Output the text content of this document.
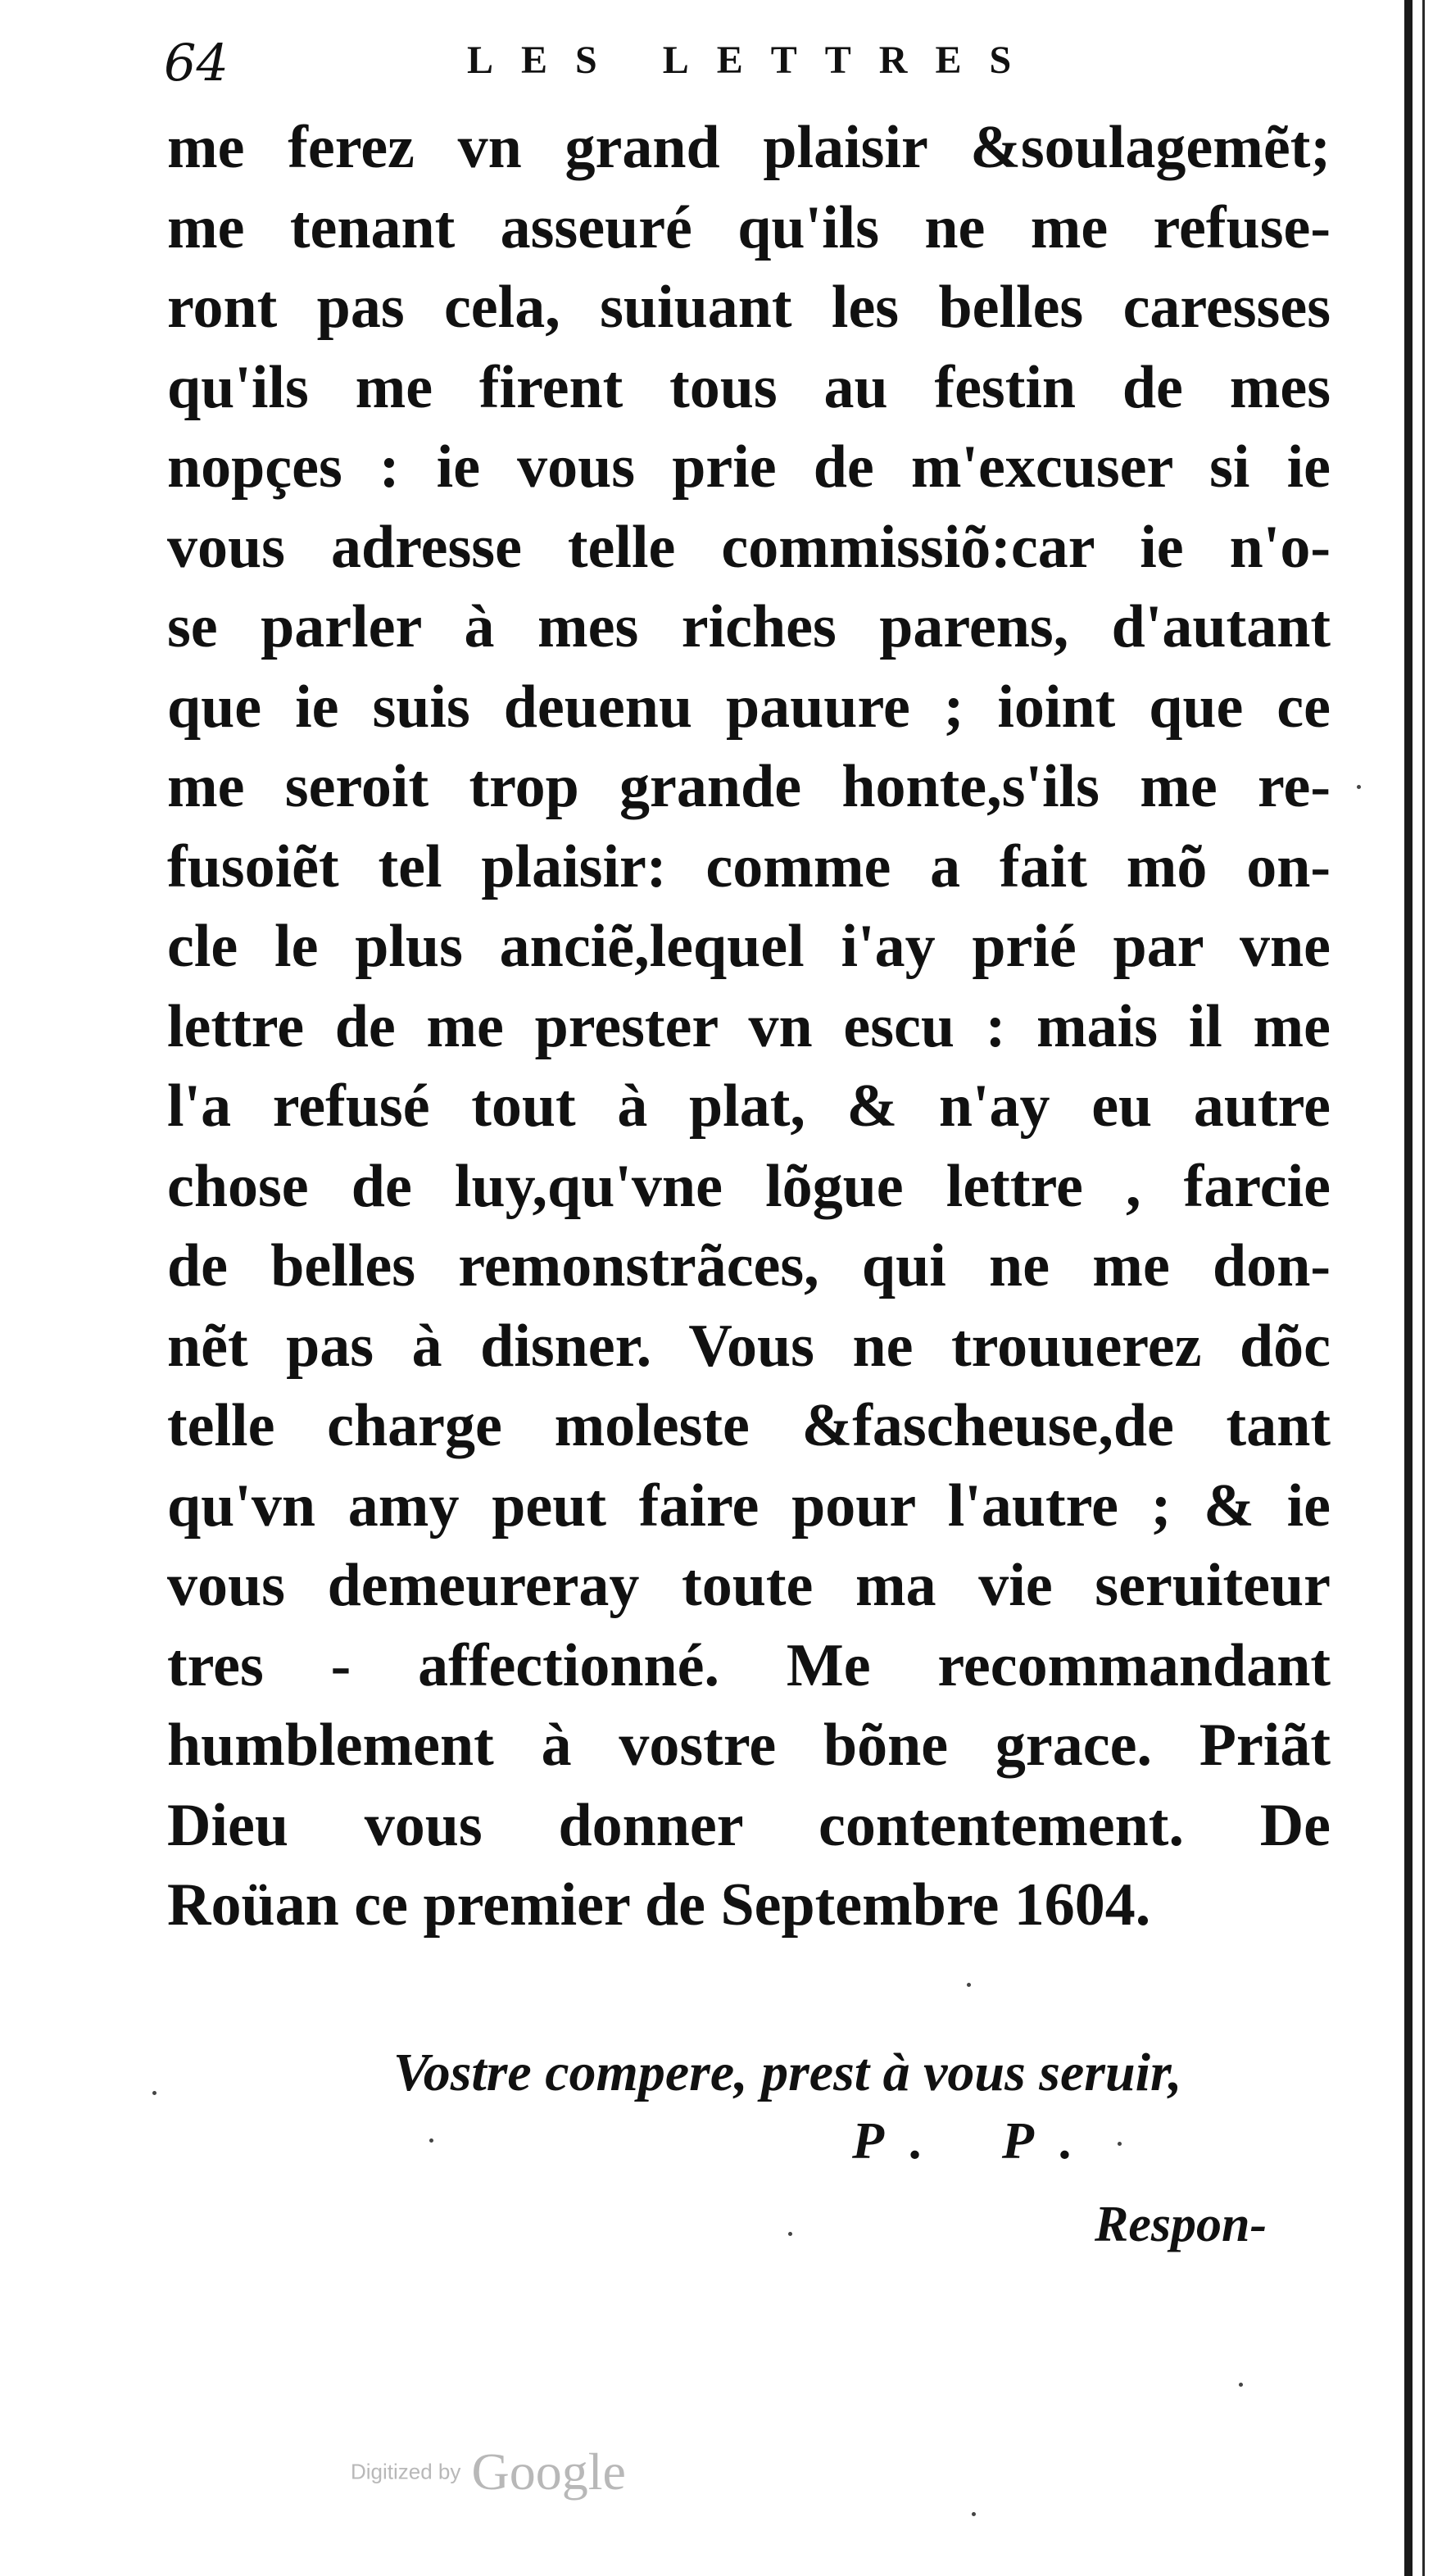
64	LES LETTRES
me ferez vn grand plaisir &soulagemẽt;
me tenant asseuré qu'ils ne me refuse-
ront pas cela, suiuant les belles caresses
qu'ils me firent tous au festin de mes
nopçes : ie vous prie de m'excuser si ie
vous adresse telle commissiõ:car ie n'o-
se parler à mes riches parens, d'autant
que ie suis deuenu pauure ; ioint que ce
me seroit trop grande honte,s'ils me re-
fusoiẽt tel plaisir: comme a fait mõ on-
cle le plus anciẽ,lequel i'ay prié par vne
lettre de me prester vn escu : mais il me
l'a refusé tout à plat, & n'ay eu autre
chose de luy,qu'vne lõgue lettre , farcie
de belles remonstrãces, qui ne me don-
nẽt pas à disner. Vous ne trouuerez dõc
telle charge moleste &fascheuse,de tant
qu'vn amy peut faire pour l'autre ; & ie
vous demeureray toute ma vie seruiteur
tres - affectionné. Me recommandant
humblement à vostre bõne grace. Priãt
Dieu vous donner contentement. De
Roüan ce premier de Septembre 1604.
Vostre compere, prest à vous seruir,
P. P.
Respon-
Digitized by Google
